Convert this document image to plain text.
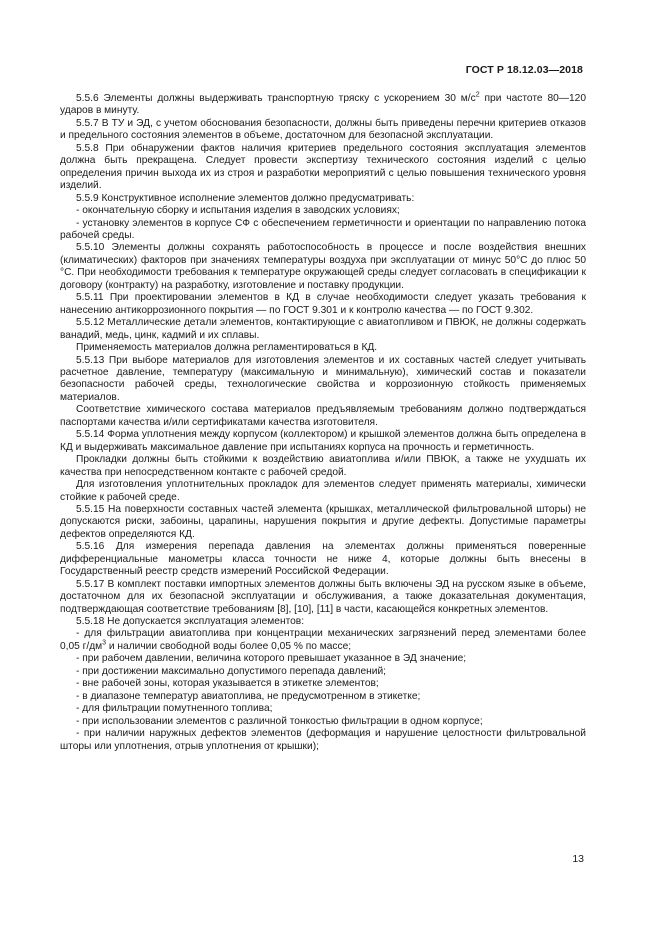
ГОСТ Р 18.12.03—2018

5.5.6 Элементы должны выдерживать транспортную тряску с ускорением 30 $м/с^2$ при частоте 80—120 ударов в минуту.

5.5.7 В ТУ и ЭД, с учетом обоснования безопасности, должны быть приведены перечни критериев отказов и предельного состояния элементов в объеме, достаточном для безопасной эксплуатации.

5.5.8 При обнаружении фактов наличия критериев предельного состояния эксплуатация элементов должна быть прекращена. Следует провести экспертизу технического состояния изделий с целью определения причин выхода их из строя и разработки мероприятий с целью повышения технического уровня изделий.

5.5.9 Конструктивное исполнение элементов должно предусматривать:

- окончательную сборку и испытания изделия в заводских условиях;

- установку элементов в корпусе СФ с обеспечением герметичности и ориентации по направлению потока рабочей среды.

5.5.10 Элементы должны сохранять работоспособность в процессе и после воздействия внешних (климатических) факторов при значениях температуры воздуха при эксплуатации от минус 50°С до плюс 50 °С. При необходимости требования к температуре окружающей среды следует согласовать в спецификации к договору (контракту) на разработку, изготовление и поставку продукции.

5.5.11 При проектировании элементов в КД в случае необходимости следует указать требования к нанесению антикоррозионного покрытия — по ГОСТ 9.301 и к контролю качества — по ГОСТ 9.302.

5.5.12 Металлические детали элементов, контактирующие с авиатопливом и ПВЮК, не должны содержать ванадий, медь, цинк, кадмий и их сплавы.

Применяемость материалов должна регламентироваться в КД.

5.5.13 При выборе материалов для изготовления элементов и их составных частей следует учитывать расчетное давление, температуру (максимальную и минимальную), химический состав и показатели безопасности рабочей среды, технологические свойства и коррозионную стойкость применяемых материалов.

Соответствие химического состава материалов предъявляемым требованиям должно подтверждаться паспортами качества и/или сертификатами качества изготовителя.

5.5.14 Форма уплотнения между корпусом (коллектором) и крышкой элементов должна быть определена в КД и выдерживать максимальное давление при испытаниях корпуса на прочность и герметичность.

Прокладки должны быть стойкими к воздействию авиатоплива и/или ПВЮК, а также не ухудшать их качества при непосредственном контакте с рабочей средой.

Для изготовления уплотнительных прокладок для элементов следует применять материалы, химически стойкие к рабочей среде.

5.5.15 На поверхности составных частей элемента (крышках, металлической фильтровальной шторы) не допускаются риски, забоины, царапины, нарушения покрытия и другие дефекты. Допустимые параметры дефектов определяются КД.

5.5.16 Для измерения перепада давления на элементах должны применяться поверенные дифференциальные манометры класса точности не ниже 4, которые должны быть внесены в Государственный реестр средств измерений Российской Федерации.

5.5.17 В комплект поставки импортных элементов должны быть включены ЭД на русском языке в объеме, достаточном для их безопасной эксплуатации и обслуживания, а также доказательная документация, подтверждающая соответствие требованиям [8], [10], [11] в части, касающейся конкретных элементов.

5.5.18 Не допускается эксплуатация элементов:

- для фильтрации авиатоплива при концентрации механических загрязнений перед элементами более 0,05 $г/дм^3$ и наличии свободной воды более 0,05 % по массе;

- при рабочем давлении, величина которого превышает указанное в ЭД значение;

- при достижении максимально допустимого перепада давлений;

- вне рабочей зоны, которая указывается в этикетке элементов;

- в диапазоне температур авиатоплива, не предусмотренном в этикетке;

- для фильтрации помутненного топлива;

- при использовании элементов с различной тонкостью фильтрации в одном корпусе;

- при наличии наружных дефектов элементов (деформация и нарушение целостности фильтровальной шторы или уплотнения, отрыв уплотнения от крышки);

13
